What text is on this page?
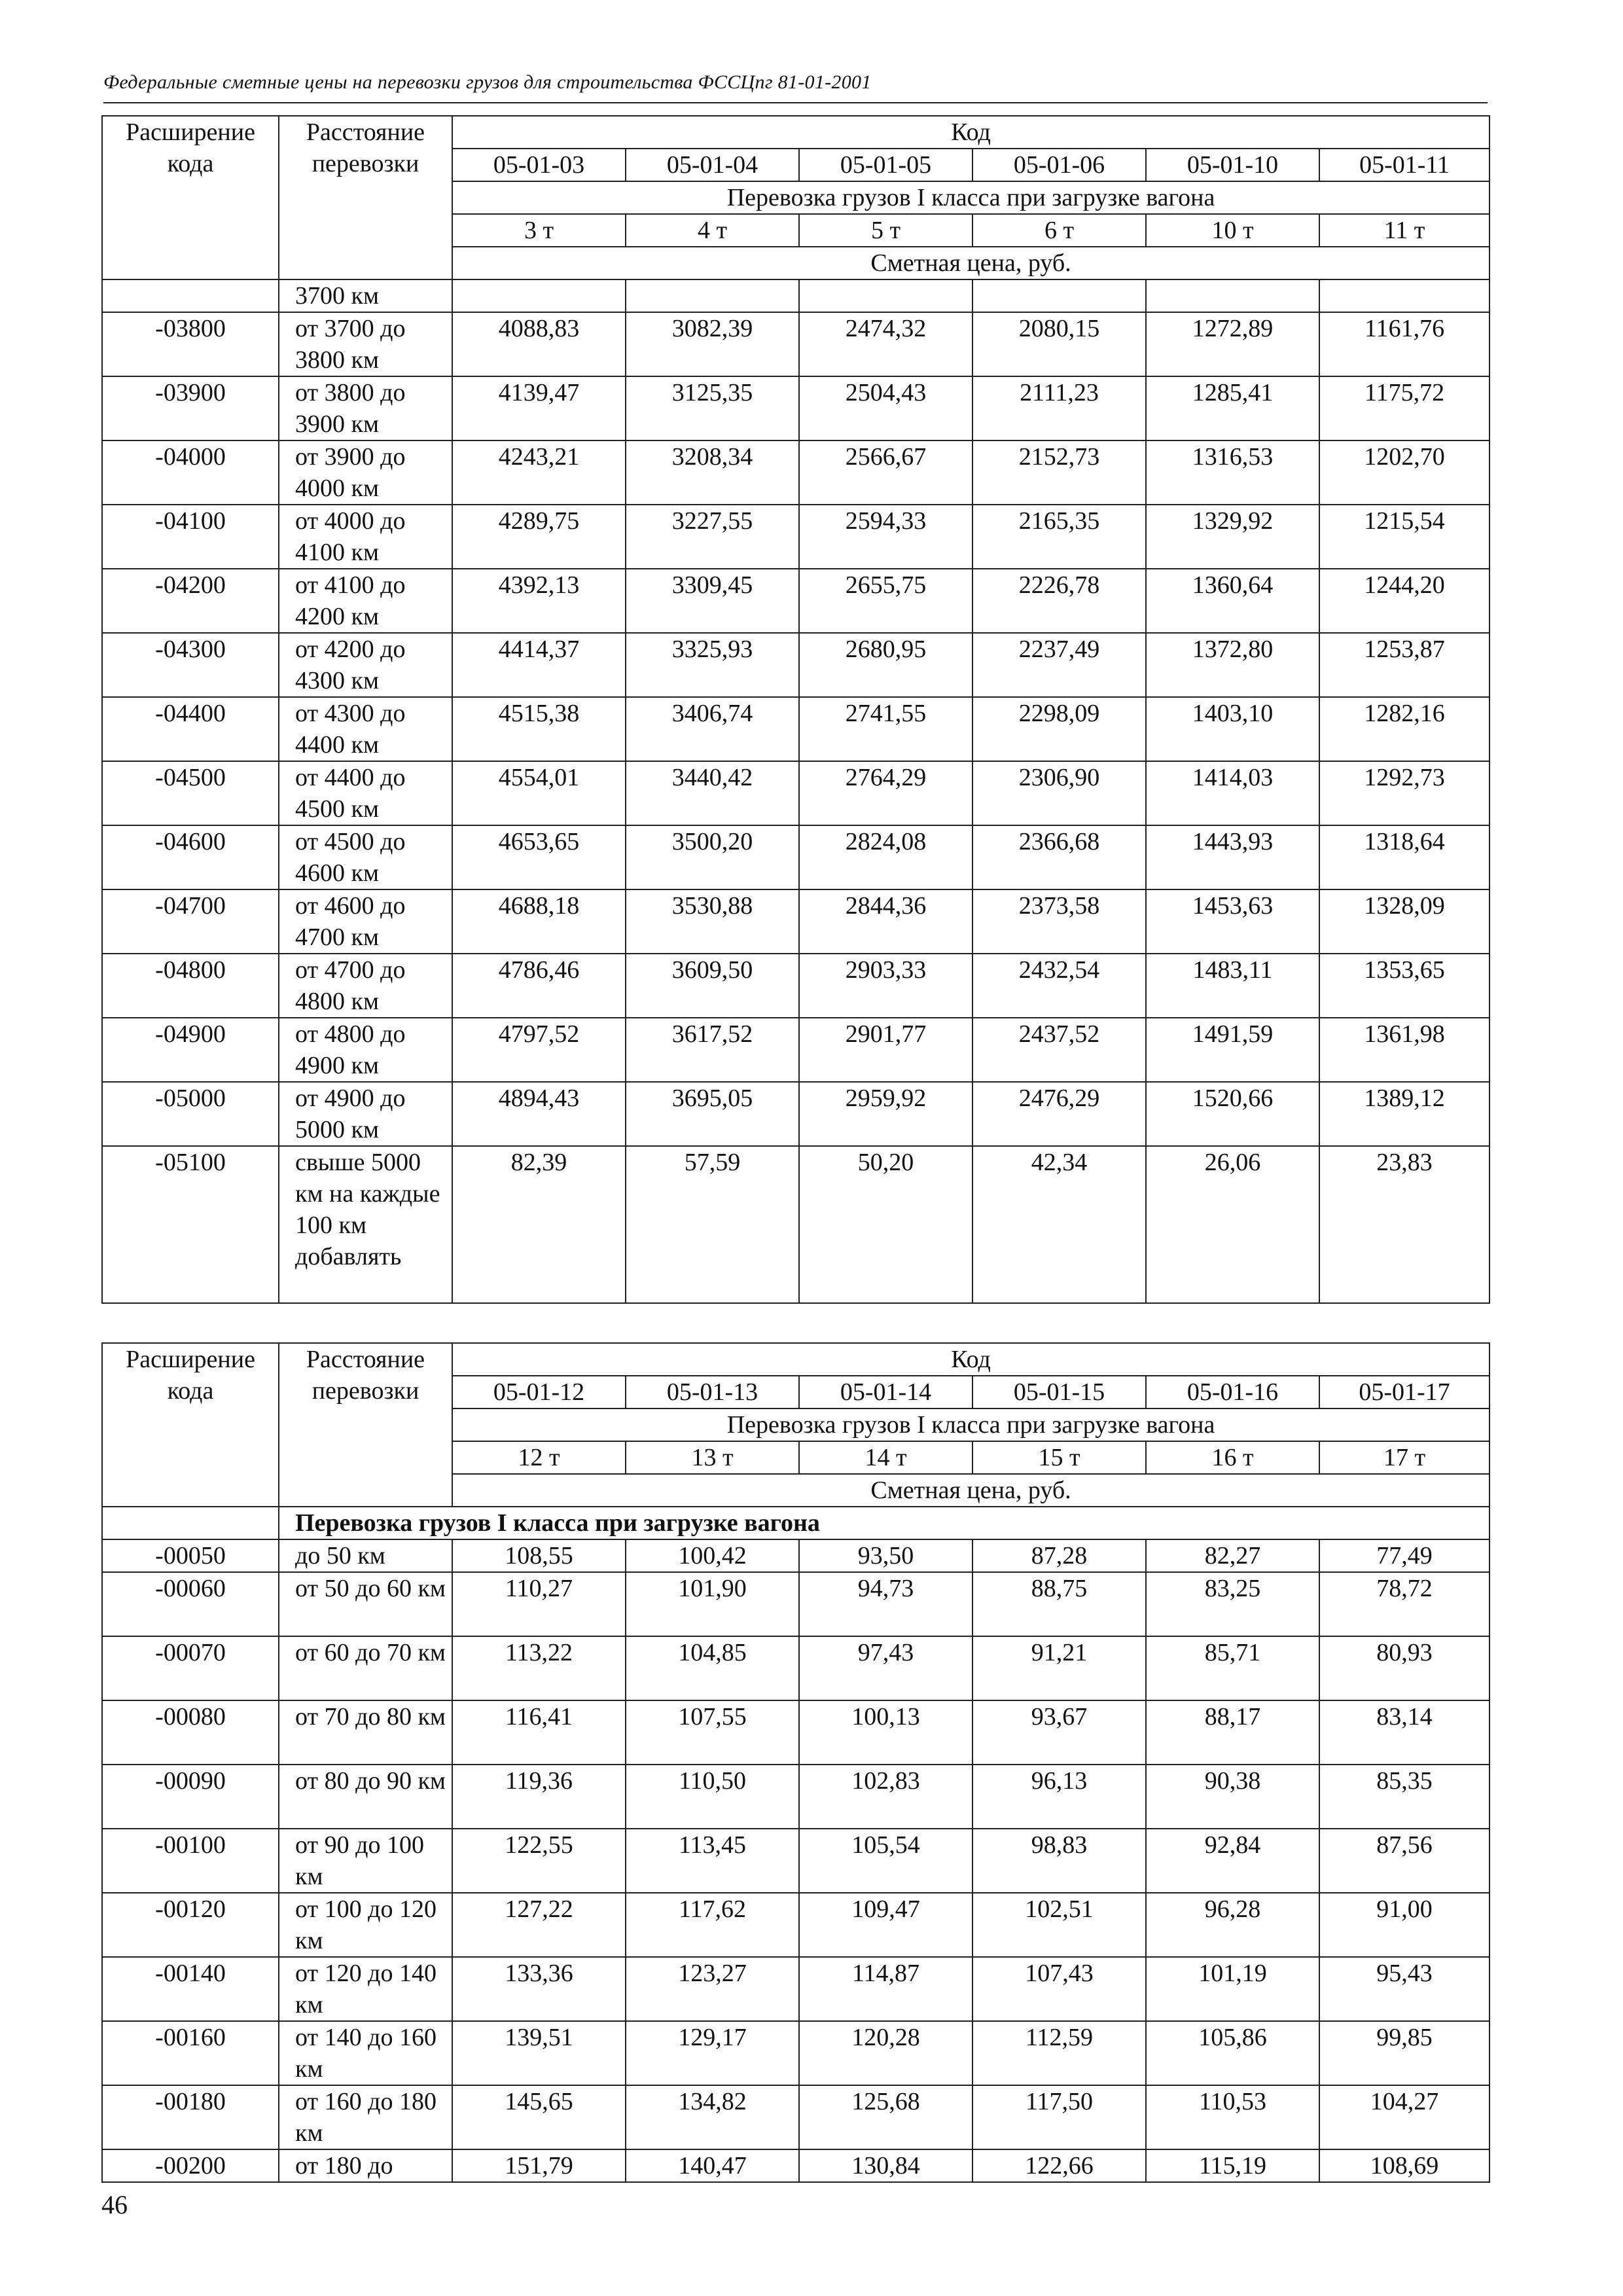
Федеральные сметные цены на перевозки грузов для строительства ФССЦпг 81-01-2001
Расширение кода	Расстояние перевозки	Код					
		05-01-03	05-01-04	05-01-05	05-01-06	05-01-10	05-01-11
		Перевозка грузов I класса при загрузке вагона					
		3 т	4 т	5 т	6 т	10 т	11 т
		Сметная цена, руб.					
	3700 км						
-03800	от 3700 до 3800 км	4088,83	3082,39	2474,32	2080,15	1272,89	1161,76
-03900	от 3800 до 3900 км	4139,47	3125,35	2504,43	2111,23	1285,41	1175,72
-04000	от 3900 до 4000 км	4243,21	3208,34	2566,67	2152,73	1316,53	1202,70
-04100	от 4000 до 4100 км	4289,75	3227,55	2594,33	2165,35	1329,92	1215,54
-04200	от 4100 до 4200 км	4392,13	3309,45	2655,75	2226,78	1360,64	1244,20
-04300	от 4200 до 4300 км	4414,37	3325,93	2680,95	2237,49	1372,80	1253,87
-04400	от 4300 до 4400 км	4515,38	3406,74	2741,55	2298,09	1403,10	1282,16
-04500	от 4400 до 4500 км	4554,01	3440,42	2764,29	2306,90	1414,03	1292,73
-04600	от 4500 до 4600 км	4653,65	3500,20	2824,08	2366,68	1443,93	1318,64
-04700	от 4600 до 4700 км	4688,18	3530,88	2844,36	2373,58	1453,63	1328,09
-04800	от 4700 до 4800 км	4786,46	3609,50	2903,33	2432,54	1483,11	1353,65
-04900	от 4800 до 4900 км	4797,52	3617,52	2901,77	2437,52	1491,59	1361,98
-05000	от 4900 до 5000 км	4894,43	3695,05	2959,92	2476,29	1520,66	1389,12
-05100	свыше 5000 км на каждые 100 км добавлять	82,39	57,59	50,20	42,34	26,06	23,83
Расширение кода	Расстояние перевозки	Код					
		05-01-12	05-01-13	05-01-14	05-01-15	05-01-16	05-01-17
		Перевозка грузов I класса при загрузке вагона					
		12 т	13 т	14 т	15 т	16 т	17 т
		Сметная цена, руб.					
	Перевозка грузов I класса при загрузке вагона						
-00050	до 50 км	108,55	100,42	93,50	87,28	82,27	77,49
-00060	от 50 до 60 км	110,27	101,90	94,73	88,75	83,25	78,72
-00070	от 60 до 70 км	113,22	104,85	97,43	91,21	85,71	80,93
-00080	от 70 до 80 км	116,41	107,55	100,13	93,67	88,17	83,14
-00090	от 80 до 90 км	119,36	110,50	102,83	96,13	90,38	85,35
-00100	от 90 до 100 км	122,55	113,45	105,54	98,83	92,84	87,56
-00120	от 100 до 120 км	127,22	117,62	109,47	102,51	96,28	91,00
-00140	от 120 до 140 км	133,36	123,27	114,87	107,43	101,19	95,43
-00160	от 140 до 160 км	139,51	129,17	120,28	112,59	105,86	99,85
-00180	от 160 до 180 км	145,65	134,82	125,68	117,50	110,53	104,27
-00200	от 180 до	151,79	140,47	130,84	122,66	115,19	108,69
46
